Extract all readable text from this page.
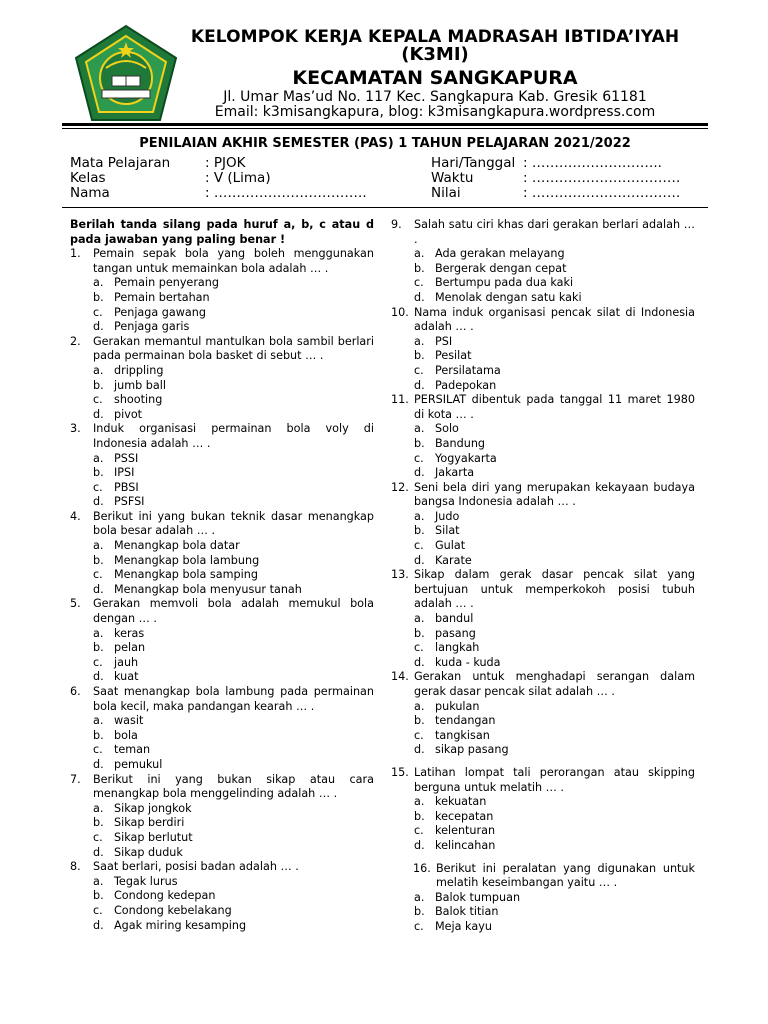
KELOMPOK KERJA KEPALA MADRASAH IBTIDA’IYAH
(K3MI)
KECAMATAN SANGKAPURA
Jl. Umar Mas’ud No. 117 Kec. Sangkapura Kab. Gresik 61181
Email: k3misangkapura, blog: k3misangkapura.wordpress.com
PENILAIAN AKHIR SEMESTER (PAS) 1 TAHUN PELAJARAN 2021/2022
Mata Pelajaran	: PJOK
Kelas	: V (Lima)
Nama	: …………………………….
Hari/Tanggal : ………………………..
Waktu	: ……………………………
Nilai	: ……………………………
Berilah tanda silang pada huruf a, b, c atau d pada jawaban yang paling benar !
1.	Pemain sepak bola yang boleh menggunakan tangan untuk memainkan bola adalah … .
a. Pemain penyerang
b. Pemain bertahan
c.	Penjaga gawang
d. Penjaga garis
2.	Gerakan memantul mantulkan bola sambil berlari pada permainan bola basket di sebut … .
a. drippling
b. jumb ball
c.	shooting
d. pivot
3.	Induk organisasi permainan bola voly di Indonesia adalah … .
a. PSSI
b. IPSI
c.	PBSI
d. PSFSI
4.	Berikut ini yang bukan teknik dasar menangkap bola besar adalah … .
a. Menangkap bola datar
b. Menangkap bola lambung
c.	Menangkap bola samping
d. Menangkap bola menyusur tanah
5.	Gerakan memvoli bola adalah memukul bola dengan … .
a. keras
b. pelan
c.	jauh
d. kuat
6.	Saat menangkap bola lambung pada permainan bola kecil, maka pandangan kearah … .
a. wasit
b. bola
c.	teman
d. pemukul
7.	Berikut ini yang bukan sikap atau cara menangkap bola menggelinding adalah … .
a. Sikap jongkok
b. Sikap berdiri
c.	Sikap berlutut
d. Sikap duduk
8.	Saat berlari, posisi badan adalah … .
a. Tegak lurus
b. Condong kedepan
c.	Condong kebelakang
d. Agak miring kesamping
9.	Salah satu ciri khas dari gerakan berlari adalah … .
a. Ada gerakan melayang
b. Bergerak dengan cepat
c.	Bertumpu pada dua kaki
d. Menolak dengan satu kaki
10. Nama induk organisasi pencak silat di Indonesia adalah … .
a. PSI
b. Pesilat
c.	Persilatama
d. Padepokan
11. PERSILAT dibentuk pada tanggal 11 maret 1980 di kota … .
a. Solo
b. Bandung
c.	Yogyakarta
d. Jakarta
12. Seni bela diri yang merupakan kekayaan budaya bangsa Indonesia adalah … .
a. Judo
b. Silat
c.	Gulat
d. Karate
13. Sikap dalam gerak dasar pencak silat yang bertujuan untuk memperkokoh posisi tubuh adalah … .
a. bandul
b. pasang
c.	langkah
d. kuda - kuda
14. Gerakan untuk menghadapi serangan dalam gerak dasar pencak silat adalah … .
a. pukulan
b. tendangan
c.	tangkisan
d. sikap pasang
15. Latihan lompat tali perorangan atau skipping berguna untuk melatih … .
a. kekuatan
b. kecepatan
c.	kelenturan
d. kelincahan
16. Berikut ini peralatan yang digunakan untuk melatih keseimbangan yaitu … .
a. Balok tumpuan
b. Balok titian
c.	Meja kayu
